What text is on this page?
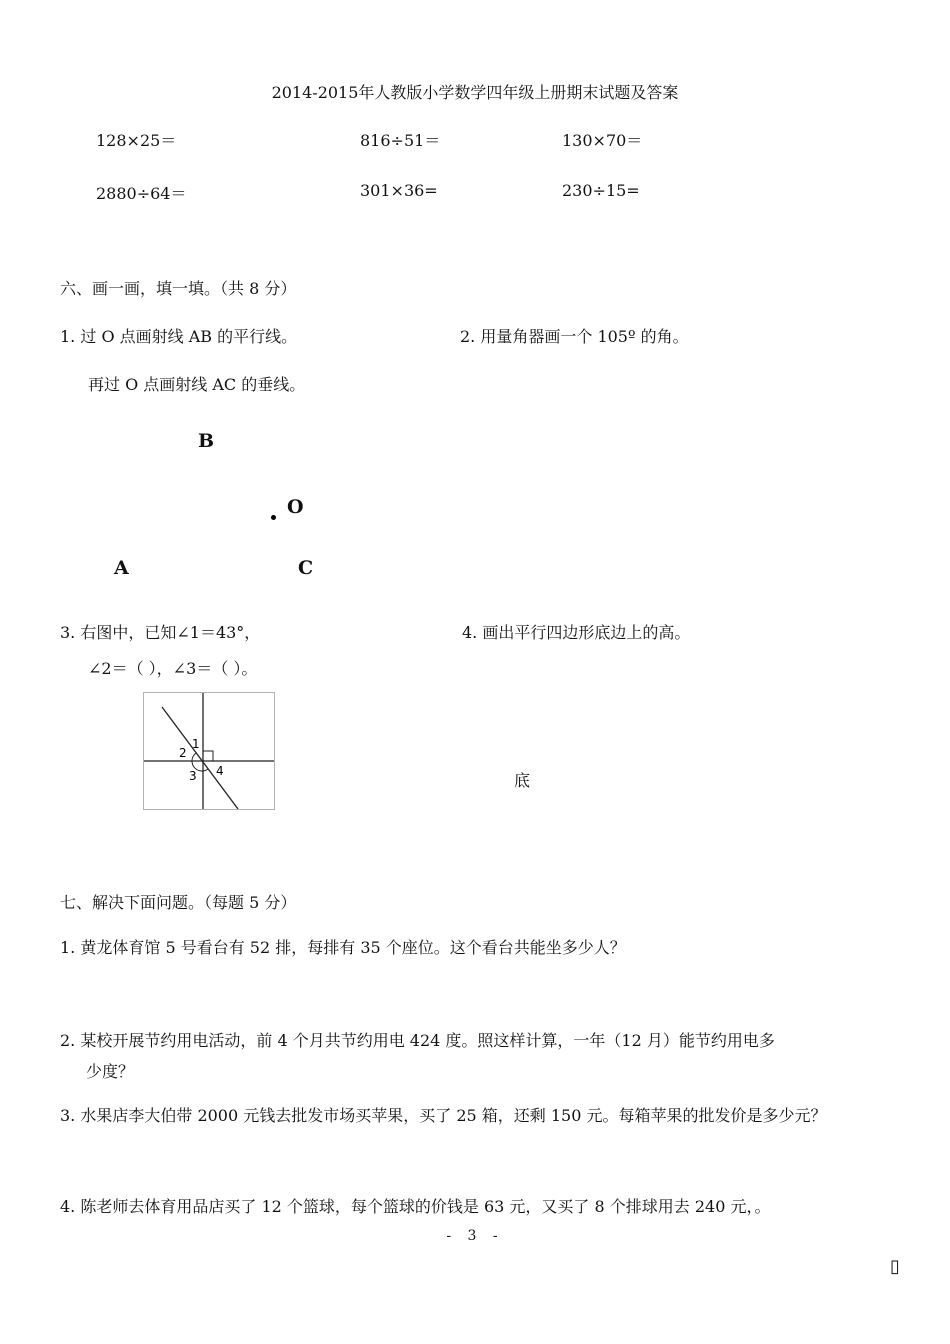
2014-2015年人教版小学数学四年级上册期末试题及答案
128×25＝	816÷51＝	130×70＝
2880÷64＝	301×36=	230÷15=
六、画一画，填一填。（共 8 分）
1. 过 O 点画射线 AB 的平行线。
再过 O 点画射线 AC 的垂线。
2. 用量角器画一个 105º 的角。
B
O
A	C
3. 右图中，已知∠1＝43°，
∠2＝（ ），∠3＝（ ）。
4. 画出平行四边形底边上的高。
1
2
3 4	底
七、解决下面问题。（每题 5 分）
1. 黄龙体育馆 5 号看台有 52 排，每排有 35 个座位。这个看台共能坐多少人？
2. 某校开展节约用电活动，前 4 个月共节约用电 424 度。照这样计算，一年（12 月）能节约用电多
少度？
3. 水果店李大伯带 2000 元钱去批发市场买苹果，买了 25 箱，还剩 150 元。每箱苹果的批发价是多少元？
4. 陈老师去体育用品店买了 12 个篮球，每个篮球的价钱是 63 元，又买了 8 个排球用去 240 元，。
- 3 -
▯
